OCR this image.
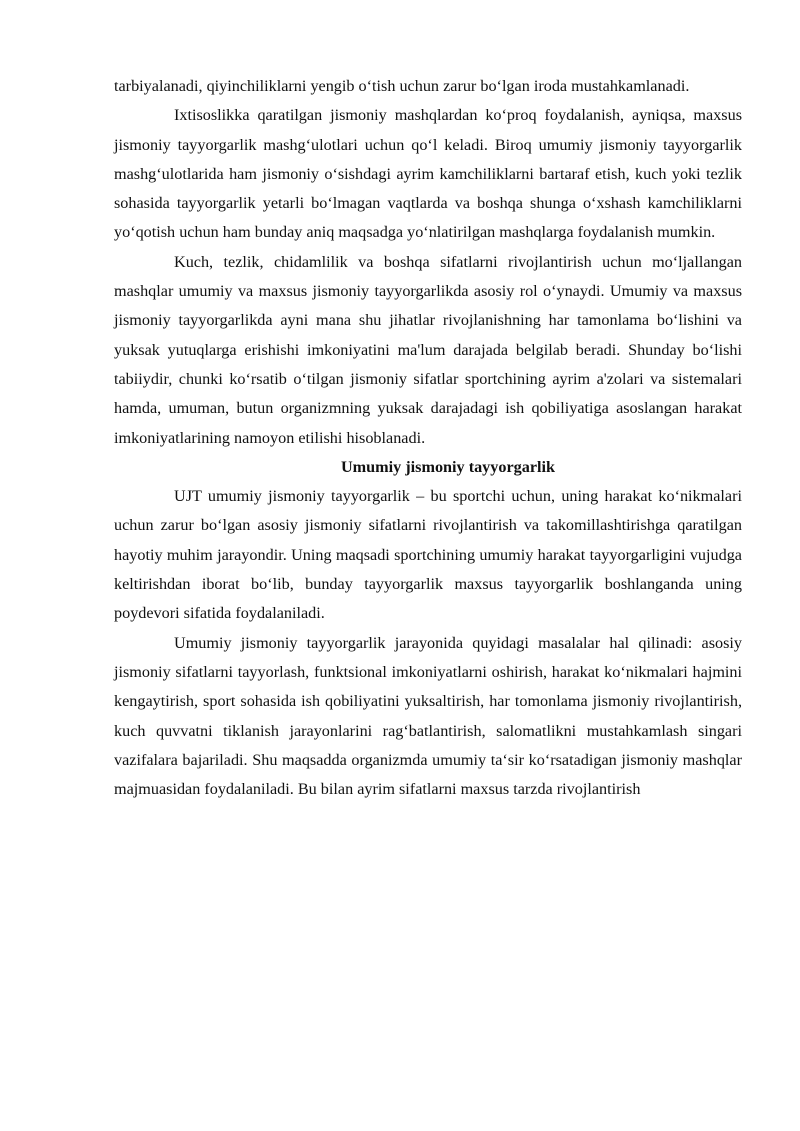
tarbiyalanadi, qiyinchiliklarni yengib o‘tish uchun zarur bo‘lgan iroda mustahkamlanadi.

Ixtisoslikka qaratilgan jismoniy mashqlardan ko‘proq foydalanish, ayniqsa, maxsus jismoniy tayyorgarlik mashg‘ulotlari uchun qo‘l keladi. Biroq umumiy jismoniy tayyorgarlik mashg‘ulotlarida ham jismoniy o‘sishdagi ayrim kamchiliklarni bartaraf etish, kuch yoki tezlik sohasida tayyorgarlik yetarli bo‘lmagan vaqtlarda va boshqa shunga o‘xshash kamchiliklarni yo‘qotish uchun ham bunday aniq maqsadga yo‘nlatirilgan mashqlarga foydalanish mumkin.

Kuch, tezlik, chidamlilik va boshqa sifatlarni rivojlantirish uchun mo‘ljallangan mashqlar umumiy va maxsus jismoniy tayyorgarlikda asosiy rol o‘ynaydi. Umumiy va maxsus jismoniy tayyorgarlikda ayni mana shu jihatlar rivojlanishning har tamonlama bo‘lishini va yuksak yutuqlarga erishishi imkoniyatini ma'lum darajada belgilab beradi. Shunday bo‘lishi tabiiydir, chunki ko‘rsatib o‘tilgan jismoniy sifatlar sportchining ayrim a'zolari va sistemalari hamda, umuman, butun organizmning yuksak darajadagi ish qobiliyatiga asoslangan harakat imkoniyatlarining namoyon etilishi hisoblanadi.

Umumiy jismoniy tayyorgarlik

UJT umumiy jismoniy tayyorgarlik – bu sportchi uchun, uning harakat ko‘nikmalari uchun zarur bo‘lgan asosiy jismoniy sifatlarni rivojlantirish va takomillashtirishga qaratilgan hayotiy muhim jarayondir. Uning maqsadi sportchining umumiy harakat tayyorgarligini vujudga keltirishdan iborat bo‘lib, bunday tayyorgarlik maxsus tayyorgarlik boshlanganda uning poydevori sifatida foydalaniladi.

Umumiy jismoniy tayyorgarlik jarayonida quyidagi masalalar hal qilinadi: asosiy jismoniy sifatlarni tayyorlash, funktsional imkoniyatlarni oshirish, harakat ko‘nikmalari hajmini kengaytirish, sport sohasida ish qobiliyatini yuksaltirish, har tomonlama jismoniy rivojlantirish, kuch quvvatni tiklanish jarayonlarini rag‘batlantirish, salomatlikni mustahkamlash singari vazifalara bajariladi. Shu maqsadda organizmda umumiy ta‘sir ko‘rsatadigan jismoniy mashqlar majmuasidan foydalaniladi. Bu bilan ayrim sifatlarni maxsus tarzda rivojlantirish
